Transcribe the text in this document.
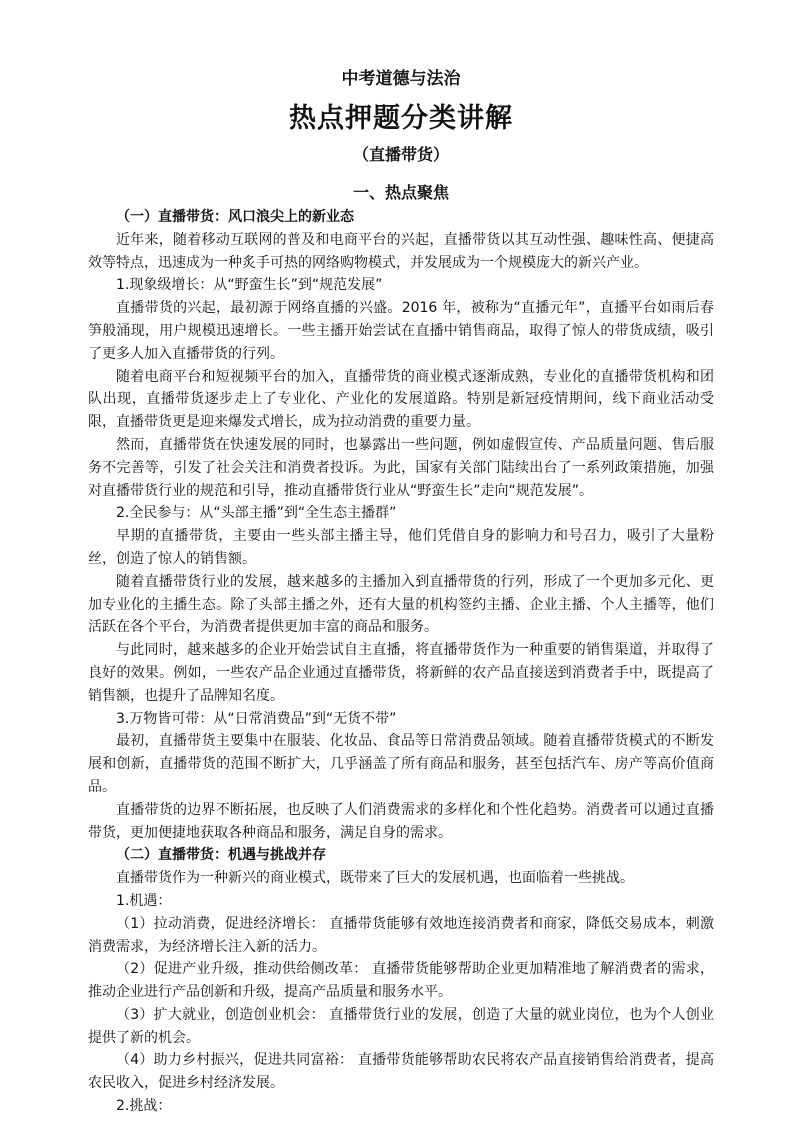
中考道德与法治
热点押题分类讲解
（直播带货）
一、热点聚焦
（一）直播带货：风口浪尖上的新业态

近年来，随着移动互联网的普及和电商平台的兴起，直播带货以其互动性强、趣味性高、便捷高效等特点，迅速成为一种炙手可热的网络购物模式，并发展成为一个规模庞大的新兴产业。

1.现象级增长：从“野蛮生长”到“规范发展”

直播带货的兴起，最初源于网络直播的兴盛。2016 年，被称为“直播元年”，直播平台如雨后春笋般涌现，用户规模迅速增长。一些主播开始尝试在直播中销售商品，取得了惊人的带货成绩，吸引了更多人加入直播带货的行列。

随着电商平台和短视频平台的加入，直播带货的商业模式逐渐成熟，专业化的直播带货机构和团队出现，直播带货逐步走上了专业化、产业化的发展道路。特别是新冠疫情期间，线下商业活动受限，直播带货更是迎来爆发式增长，成为拉动消费的重要力量。

然而，直播带货在快速发展的同时，也暴露出一些问题，例如虚假宣传、产品质量问题、售后服务不完善等，引发了社会关注和消费者投诉。为此，国家有关部门陆续出台了一系列政策措施，加强对直播带货行业的规范和引导，推动直播带货行业从“野蛮生长”走向“规范发展”。

2.全民参与：从“头部主播”到“全生态主播群”

早期的直播带货，主要由一些头部主播主导，他们凭借自身的影响力和号召力，吸引了大量粉丝，创造了惊人的销售额。

随着直播带货行业的发展，越来越多的主播加入到直播带货的行列，形成了一个更加多元化、更加专业化的主播生态。除了头部主播之外，还有大量的机构签约主播、企业主播、个人主播等，他们活跃在各个平台，为消费者提供更加丰富的商品和服务。

与此同时，越来越多的企业开始尝试自主直播，将直播带货作为一种重要的销售渠道，并取得了良好的效果。例如，一些农产品企业通过直播带货，将新鲜的农产品直接送到消费者手中，既提高了销售额，也提升了品牌知名度。

3.万物皆可带：从“日常消费品”到“无货不带”

最初，直播带货主要集中在服装、化妆品、食品等日常消费品领域。随着直播带货模式的不断发展和创新，直播带货的范围不断扩大，几乎涵盖了所有商品和服务，甚至包括汽车、房产等高价值商品。

直播带货的边界不断拓展，也反映了人们消费需求的多样化和个性化趋势。消费者可以通过直播带货，更加便捷地获取各种商品和服务，满足自身的需求。

（二）直播带货：机遇与挑战并存

直播带货作为一种新兴的商业模式，既带来了巨大的发展机遇，也面临着一些挑战。

1.机遇：

（1）拉动消费，促进经济增长： 直播带货能够有效地连接消费者和商家，降低交易成本，刺激消费需求，为经济增长注入新的活力。

（2）促进产业升级，推动供给侧改革： 直播带货能够帮助企业更加精准地了解消费者的需求，推动企业进行产品创新和升级，提高产品质量和服务水平。

（3）扩大就业，创造创业机会： 直播带货行业的发展，创造了大量的就业岗位，也为个人创业提供了新的机会。

（4）助力乡村振兴，促进共同富裕： 直播带货能够帮助农民将农产品直接销售给消费者，提高农民收入，促进乡村经济发展。

2.挑战：
